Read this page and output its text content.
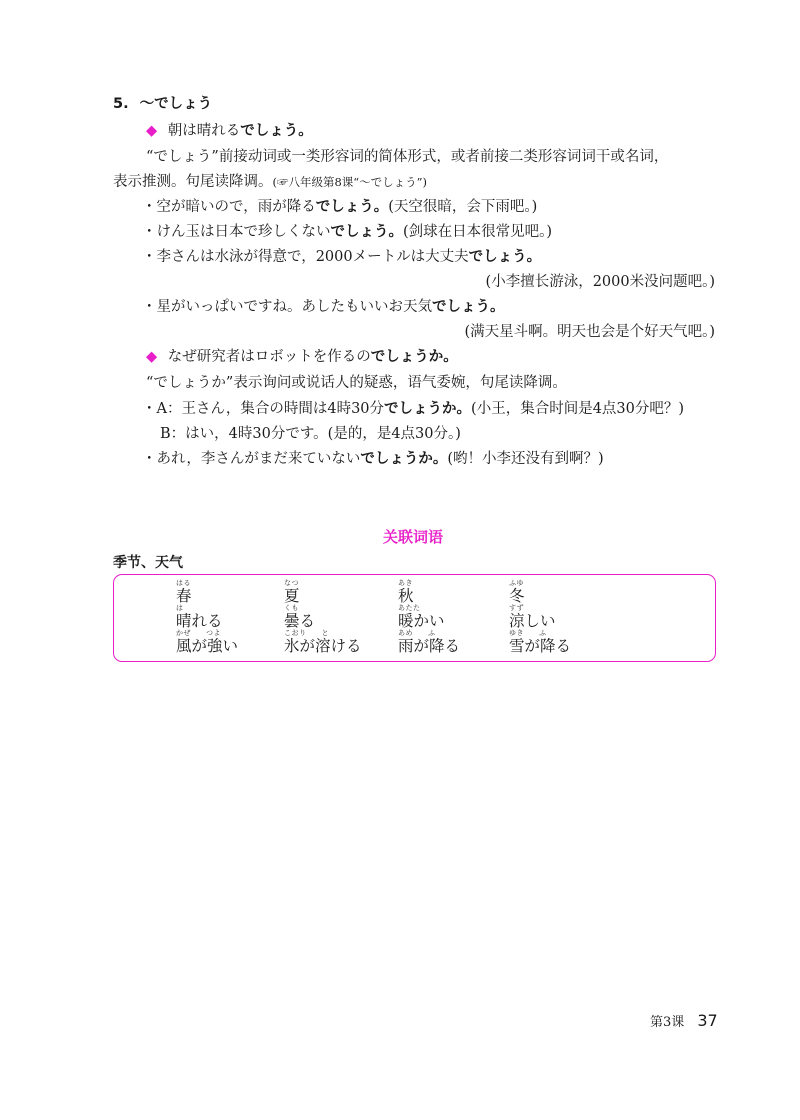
5. ～でしょう
◆ 朝は晴れるでしょう。
“でしょう”前接动词或一类形容词的简体形式，或者前接二类形容词词干或名词，
表示推测。句尾读降调。(☞八年级第8课“～でしょう”)
・空が暗いので，雨が降るでしょう。(天空很暗，会下雨吧。)
・けん玉は日本で珍しくないでしょう。(剑球在日本很常见吧。)
・李さんは水泳が得意で，2000メートルは大丈夫でしょう。
(小李擅长游泳，2000米没问题吧。)
・星がいっぱいですね。あしたもいいお天気でしょう。
(满天星斗啊。明天也会是个好天气吧。)
◆ なぜ研究者はロボットを作るのでしょうか。
“でしょうか”表示询问或说话人的疑惑，语气委婉，句尾读降调。
・A：王さん，集合の時間は4時30分でしょうか。(小王，集合时间是4点30分吧？)
B：はい，4時30分です。(是的，是4点30分。)
・あれ，李さんがまだ来ていないでしょうか。(哟！小李还没有到啊？)
关联词语
季节、天气
はる
春
なつ
夏
あき
秋
ふゆ
冬
は
晴れる
くも
曇る
あたた
暖かい
すず
涼しい
かぜ　　つよ
風が強い
こおり　　と
氷が溶ける
あめ　　ふ
雨が降る
ゆき　　ふ
雪が降る
第3课 37
